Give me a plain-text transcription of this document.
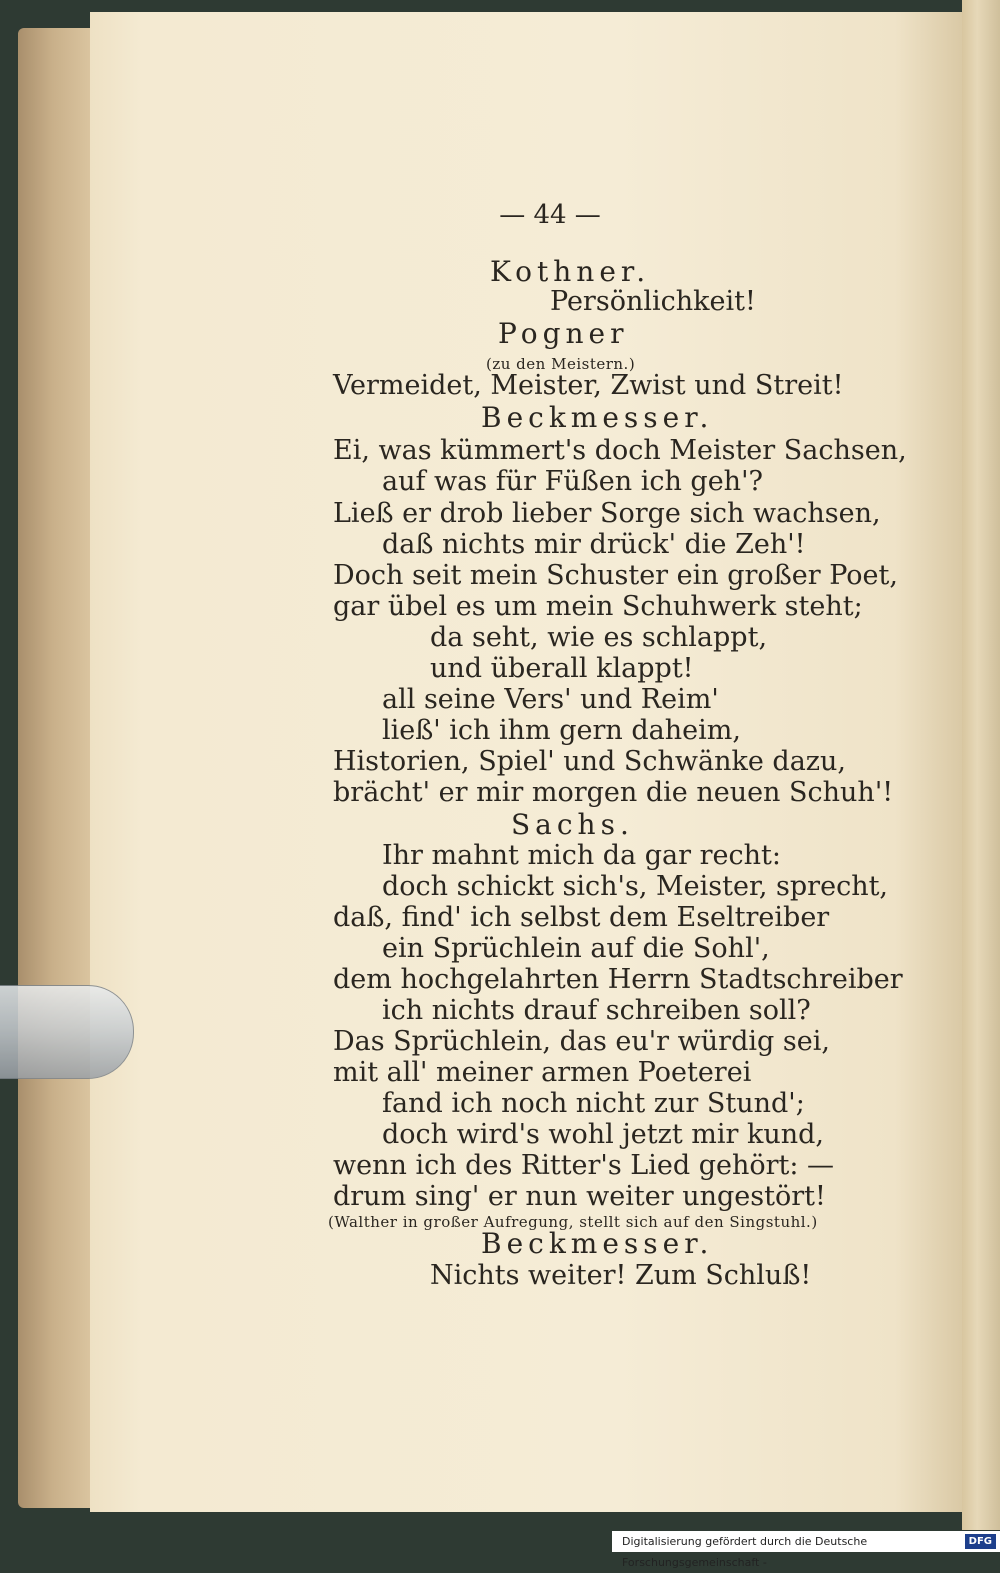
— 44 —
Kothner.
Persönlichkeit!
Pogner
(zu den Meistern.)
Vermeidet, Meister, Zwist und Streit!
Beckmesser.
Ei, was kümmert's doch Meister Sachsen,
auf was für Füßen ich geh'?
Ließ er drob lieber Sorge sich wachsen,
daß nichts mir drück' die Zeh'!
Doch seit mein Schuster ein großer Poet,
gar übel es um mein Schuhwerk steht;
da seht, wie es schlappt,
und überall klappt!
all seine Vers' und Reim'
ließ' ich ihm gern daheim,
Historien, Spiel' und Schwänke dazu,
brächt' er mir morgen die neuen Schuh'!
Sachs.
Ihr mahnt mich da gar recht:
doch schickt sich's, Meister, sprecht,
daß, find' ich selbst dem Eseltreiber
ein Sprüchlein auf die Sohl',
dem hochgelahrten Herrn Stadtschreiber
ich nichts drauf schreiben soll?
Das Sprüchlein, das eu'r würdig sei,
mit all' meiner armen Poeterei
fand ich noch nicht zur Stund';
doch wird's wohl jetzt mir kund,
wenn ich des Ritter's Lied gehört: —
drum sing' er nun weiter ungestört!
(Walther in großer Aufregung, stellt sich auf den Singstuhl.)
Beckmesser.
Nichts weiter! Zum Schluß!
Digitalisierung gefördert durch die Deutsche Forschungsgemeinschaft -
DFG
